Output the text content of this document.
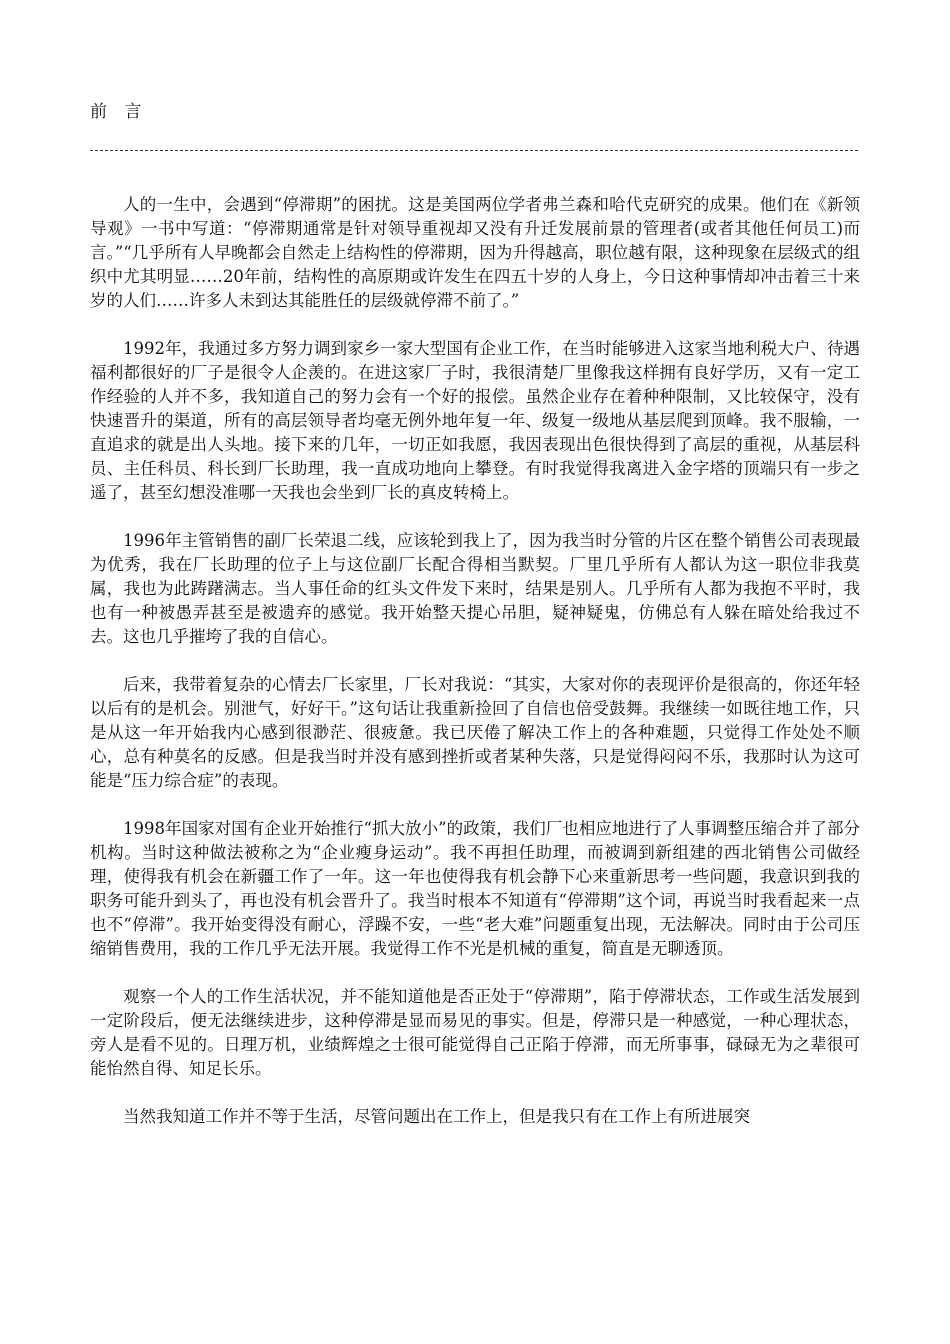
前 言

人的一生中，会遇到“停滞期”的困扰。这是美国两位学者弗兰森和哈代克研究的成果。他们在《新领导观》一书中写道：“停滞期通常是针对领导重视却又没有升迁发展前景的管理者(或者其他任何员工)而言。”“几乎所有人早晚都会自然走上结构性的停滞期，因为升得越高，职位越有限，这种现象在层级式的组织中尤其明显……20年前，结构性的高原期或许发生在四五十岁的人身上，今日这种事情却冲击着三十来岁的人们……许多人未到达其能胜任的层级就停滞不前了。”

1992年，我通过多方努力调到家乡一家大型国有企业工作，在当时能够进入这家当地利税大户、待遇福利都很好的厂子是很令人企羡的。在进这家厂子时，我很清楚厂里像我这样拥有良好学历，又有一定工作经验的人并不多，我知道自己的努力会有一个好的报偿。虽然企业存在着种种限制，又比较保守，没有快速晋升的渠道，所有的高层领导者均毫无例外地年复一年、级复一级地从基层爬到顶峰。我不服输，一直追求的就是出人头地。接下来的几年，一切正如我愿，我因表现出色很快得到了高层的重视，从基层科员、主任科员、科长到厂长助理，我一直成功地向上攀登。有时我觉得我离进入金字塔的顶端只有一步之遥了，甚至幻想没准哪一天我也会坐到厂长的真皮转椅上。

1996年主管销售的副厂长荣退二线，应该轮到我上了，因为我当时分管的片区在整个销售公司表现最为优秀，我在厂长助理的位子上与这位副厂长配合得相当默契。厂里几乎所有人都认为这一职位非我莫属，我也为此踌躇满志。当人事任命的红头文件发下来时，结果是别人。几乎所有人都为我抱不平时，我也有一种被愚弄甚至是被遗弃的感觉。我开始整天提心吊胆，疑神疑鬼，仿佛总有人躲在暗处给我过不去。这也几乎摧垮了我的自信心。

后来，我带着复杂的心情去厂长家里，厂长对我说：“其实，大家对你的表现评价是很高的，你还年轻以后有的是机会。别泄气，好好干。”这句话让我重新捡回了自信也倍受鼓舞。我继续一如既往地工作，只是从这一年开始我内心感到很渺茫、很疲惫。我已厌倦了解决工作上的各种难题，只觉得工作处处不顺心，总有种莫名的反感。但是我当时并没有感到挫折或者某种失落，只是觉得闷闷不乐，我那时认为这可能是“压力综合症”的表现。

1998年国家对国有企业开始推行“抓大放小”的政策，我们厂也相应地进行了人事调整压缩合并了部分机构。当时这种做法被称之为“企业瘦身运动”。我不再担任助理，而被调到新组建的西北销售公司做经理，使得我有机会在新疆工作了一年。这一年也使得我有机会静下心来重新思考一些问题，我意识到我的职务可能升到头了，再也没有机会晋升了。我当时根本不知道有“停滞期”这个词，再说当时我看起来一点也不“停滞”。我开始变得没有耐心，浮躁不安，一些“老大难”问题重复出现，无法解决。同时由于公司压缩销售费用，我的工作几乎无法开展。我觉得工作不光是机械的重复，简直是无聊透顶。

观察一个人的工作生活状况，并不能知道他是否正处于“停滞期”，陷于停滞状态，工作或生活发展到一定阶段后，便无法继续进步，这种停滞是显而易见的事实。但是，停滞只是一种感觉，一种心理状态，旁人是看不见的。日理万机，业绩辉煌之士很可能觉得自己正陷于停滞，而无所事事，碌碌无为之辈很可能怡然自得、知足长乐。

当然我知道工作并不等于生活，尽管问题出在工作上，但是我只有在工作上有所进展突
